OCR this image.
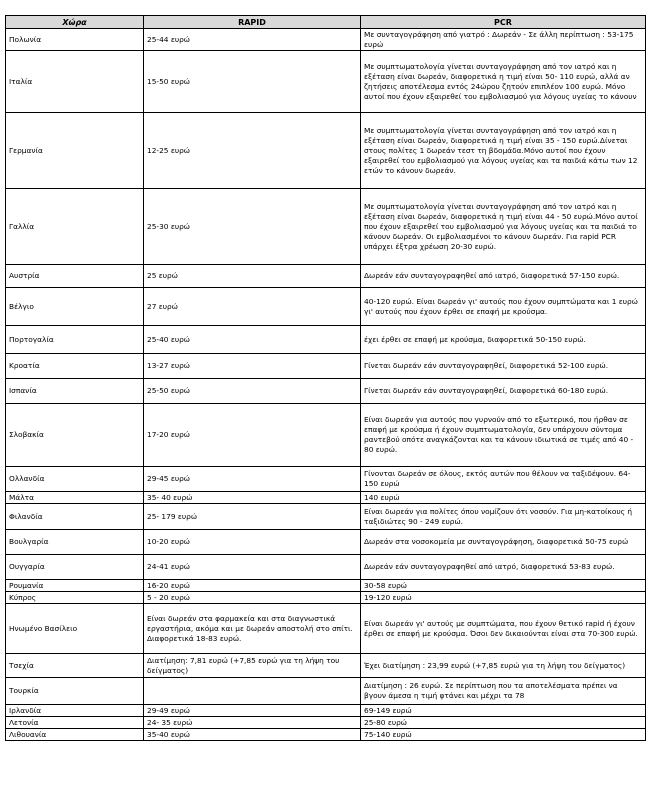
Χώρα	RAPID	PCR
Πολωνία	25-44 ευρώ	Με συνταγογράφηση από γιατρό : Δωρεάν - Σε άλλη περίπτωση : 53-175 ευρώ
Ιταλία	15-50 ευρώ	Με συμπτωματολογία γίνεται συνταγογράφηση από τον ιατρό και η εξέταση είναι δωρεάν, διαφορετικά η τιμή είναι 50- 110 ευρώ, αλλά αν ζητήσεις αποτέλεσμα εντός 24ώρου ζητούν επιπλέον 100 ευρώ. Μόνο αυτοί που έχουν εξαιρεθεί του εμβολιασμού για λόγους υγείας το κάνουν
Γερμανία	12-25 ευρώ	Με συμπτωματολογία γίνεται συνταγογράφηση από τον ιατρό και η εξέταση είναι δωρεάν, διαφορετικά η τιμή είναι 35 - 150 ευρώ.Δίνεται στους πολίτες 1 δωρεάν τεστ τη βδομάδα.Μόνο αυτοί που έχουν εξαιρεθεί του εμβολιασμού για λόγους υγείας και τα παιδιά κάτω των 12 ετών το κάνουν δωρεάν.
Γαλλία	25-30 ευρώ	Με συμπτωματολογία γίνεται συνταγογράφηση από τον ιατρό και η εξέταση είναι δωρεάν, διαφορετικά η τιμή είναι 44 - 50 ευρώ.Μόνο αυτοί που έχουν εξαιρεθεί του εμβολιασμού για λόγους υγείας και τα παιδιά το κάνουν δωρεάν. Οι εμβολιασμένοι το κάνουν δωρεάν. Για rapid PCR υπάρχει έξτρα χρέωση 20-30 ευρώ.
Αυστρία	25 ευρώ	Δωρεάν εάν συνταγογραφηθεί από ιατρό, διαφορετικά 57-150 ευρώ.
Βέλγιο	27 ευρώ	40-120 ευρώ. Είναι δωρεάν γι' αυτούς που έχουν συμπτώματα και 1 ευρώ γι' αυτούς που έχουν έρθει σε επαφή με κρούσμα.
Πορτογαλία	25-40 ευρώ	έχει έρθει σε επαφή με κρούσμα, διαφορετικά 50-150 ευρώ.
Κροατία	13-27 ευρώ	Γίνεται δωρεάν εάν συνταγογραφηθεί, διαφορετικά 52-100 ευρώ.
Ισπανία	25-50 ευρώ	Γίνεται δωρεάν εάν συνταγογραφηθεί, διαφορετικά 60-180 ευρώ.
Σλοβακία	17-20 ευρώ	Είναι δωρεάν για αυτούς που γυρνούν από το εξωτερικό, που ήρθαν σε επαφή με κρούσμα ή έχουν συμπτωματολογία, δεν υπάρχουν σύντομα ραντεβού οπότε αναγκάζονται και τα κάνουν ιδιωτικά σε τιμές από 40 - 80 ευρώ.
Ολλανδία	29-45 ευρώ	Γίνονται δωρεάν σε όλους, εκτός αυτών που θέλουν να ταξιδέψουν. 64-150 ευρώ
Μάλτα	35- 40 ευρώ	140 ευρώ
Φιλανδία	25- 179 ευρώ	Είναι δωρεάν για πολίτες όπου νομίζουν ότι νοσούν. Για μη-κατοίκους ή ταξιδιώτες 90 - 249 ευρώ.
Βουλγαρία	10-20 ευρώ	Δωρεάν στα νοσοκομεία με συνταγογράφηση, διαφορετικά 50-75 ευρώ
Ουγγαρία	24-41 ευρώ	Δωρεάν εάν συνταγογραφηθεί από ιατρό, διαφορετικά 53-83 ευρώ.
Ρουμανία	16-20 ευρώ	30-58 ευρώ
Κύπρος	5 - 20 ευρώ	19-120 ευρώ
Ηνωμένο Βασίλειο	Είναι δωρεάν στα φαρμακεία και στα διαγνωστικά εργαστήρια, ακόμα και με δωρεάν αποστολή στο σπίτι. Διαφορετικά 18-83 ευρώ.	Είναι δωρεάν γι' αυτούς με συμπτώματα, που έχουν θετικό rapid ή έχουν έρθει σε επαφή με κρούσμα. Όσοι δεν δικαιούνται είναι στα 70-300 ευρώ.
Τσεχία	Διατίμηση: 7,81 ευρώ (+7,85 ευρώ για τη λήψη του δείγματος)	Έχει διατίμηση : 23,99 ευρώ (+7,85 ευρώ για τη λήψη του δείγματος)
Τουρκία		Διατίμηση : 26 ευρώ. Σε περίπτωση που τα αποτελέσματα πρέπει να βγουν άμεσα η τιμή φτάνει και μέχρι τα 78
Ιρλανδία	29-49 ευρώ	69-149 ευρώ
Λετονία	24- 35 ευρώ	25-80 ευρώ
Λιθουανία	35-40 ευρώ	75-140 ευρώ
